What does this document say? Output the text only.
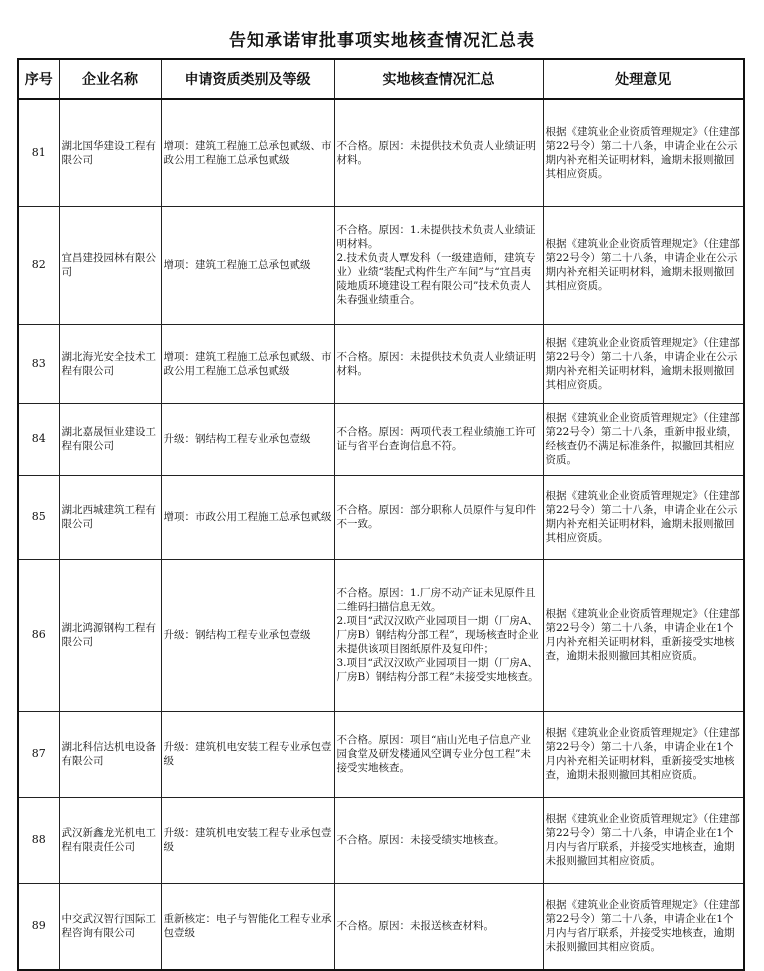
告知承诺审批事项实地核查情况汇总表
序号	企业名称	申请资质类别及等级	实地核查情况汇总	处理意见
81	湖北国华建设工程有限公司	增项：建筑工程施工总承包贰级、市政公用工程施工总承包贰级	不合格。原因：未提供技术负责人业绩证明材料。	根据《建筑业企业资质管理规定》（住建部第22号令）第二十八条，申请企业在公示期内补充相关证明材料，逾期未报则撤回其相应资质。

82	宜昌建投园林有限公司	增项：建筑工程施工总承包贰级	不合格。原因：1.未提供技术负责人业绩证明材料。
2.技术负责人覃发科（一级建造师，建筑专业）业绩“装配式构件生产车间”与“宜昌夷陵地质环境建设工程有限公司”技术负责人朱春强业绩重合。	根据《建筑业企业资质管理规定》（住建部第22号令）第二十八条，申请企业在公示期内补充相关证明材料，逾期未报则撤回其相应资质。

83	湖北海光安全技术工程有限公司	增项：建筑工程施工总承包贰级、市政公用工程施工总承包贰级	不合格。原因：未提供技术负责人业绩证明材料。	根据《建筑业企业资质管理规定》（住建部第22号令）第二十八条，申请企业在公示期内补充相关证明材料，逾期未报则撤回其相应资质。

84	湖北嘉晟恒业建设工程有限公司	升级：钢结构工程专业承包壹级	不合格。原因：两项代表工程业绩施工许可证与省平台查询信息不符。	根据《建筑业企业资质管理规定》（住建部第22号令）第二十八条，重新申报业绩，经核查仍不满足标准条件，拟撤回其相应资质。

85	湖北西城建筑工程有限公司	增项：市政公用工程施工总承包贰级	不合格。原因：部分职称人员原件与复印件不一致。	根据《建筑业企业资质管理规定》（住建部第22号令）第二十八条，申请企业在公示期内补充相关证明材料，逾期未报则撤回其相应资质。

86	湖北鸿源钢构工程有限公司	升级：钢结构工程专业承包壹级	不合格。原因：1.厂房不动产证未见原件且二维码扫描信息无效。
2.项目“武汉汉欧产业园项目一期（厂房A、厂房B）钢结构分部工程”，现场核查时企业未提供该项目图纸原件及复印件；
3.项目“武汉汉欧产业园项目一期（厂房A、厂房B）钢结构分部工程”未接受实地核查。	根据《建筑业企业资质管理规定》（住建部第22号令）第二十八条，申请企业在1个月内补充相关证明材料，重新接受实地核查，逾期未报则撤回其相应资质。

87	湖北科信达机电设备有限公司	升级：建筑机电安装工程专业承包壹级	不合格。原因：项目“庙山光电子信息产业园食堂及研发楼通风空调专业分包工程”未接受实地核查。	根据《建筑业企业资质管理规定》（住建部第22号令）第二十八条，申请企业在1个月内补充相关证明材料，重新接受实地核查，逾期未报则撤回其相应资质。

88	武汉新鑫龙光机电工程有限责任公司	升级：建筑机电安装工程专业承包壹级	不合格。原因：未接受绩实地核查。	根据《建筑业企业资质管理规定》（住建部第22号令）第二十八条，申请企业在1个月内与省厅联系，并接受实地核查，逾期未报则撤回其相应资质。

89	中交武汉智行国际工程咨询有限公司	重新核定：电子与智能化工程专业承包壹级	不合格。原因：未报送核查材料。	根据《建筑业企业资质管理规定》（住建部第22号令）第二十八条，申请企业在1个月内与省厅联系，并接受实地核查，逾期未报则撤回其相应资质。
